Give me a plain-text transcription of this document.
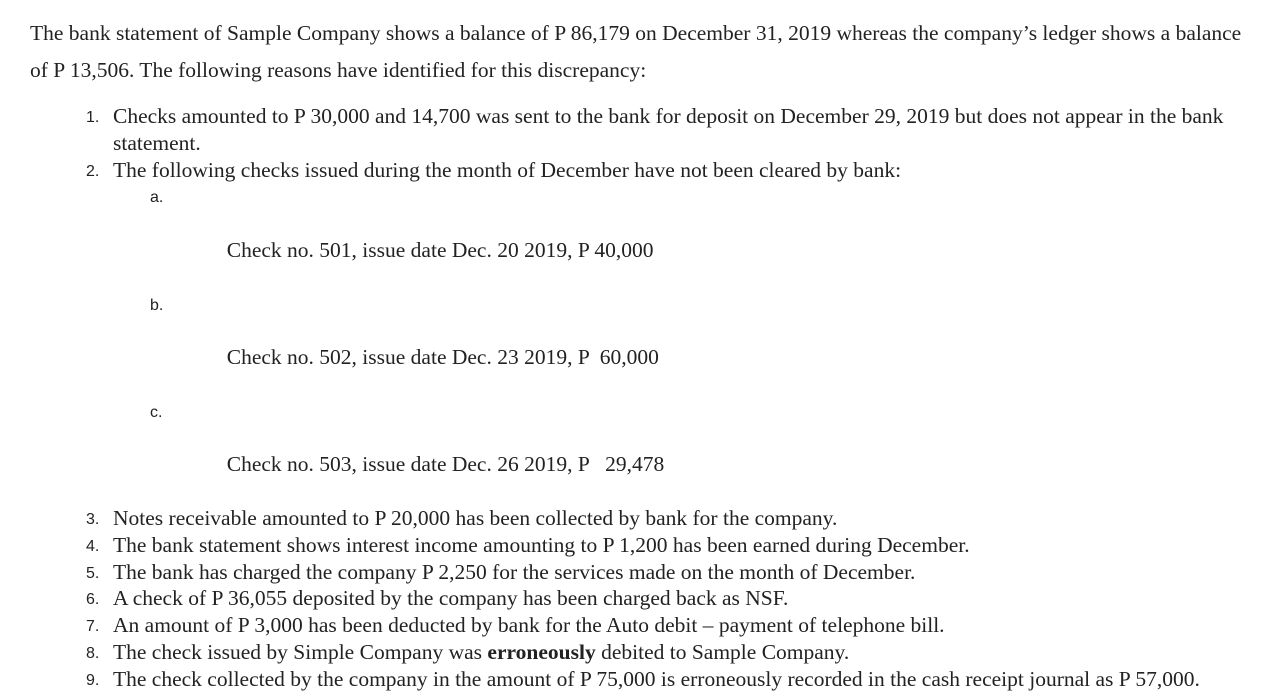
The bank statement of Sample Company shows a balance of P 86,179 on December 31, 2019 whereas the company’s ledger shows a balance of P 13,506. The following reasons have identified for this discrepancy:

1. Checks amounted to P 30,000 and 14,700 was sent to the bank for deposit on December 29, 2019 but does not appear in the bank statement.
2. The following checks issued during the month of December have not been cleared by bank:

a.

Check no. 501, issue date Dec. 20 2019, P 40,000

b.

Check no. 502, issue date Dec. 23 2019, P  60,000

c.

Check no. 503, issue date Dec. 26 2019, P   29,478

3. Notes receivable amounted to P 20,000 has been collected by bank for the company.
4. The bank statement shows interest income amounting to P 1,200 has been earned during December.
5. The bank has charged the company P 2,250 for the services made on the month of December.
6. A check of P 36,055 deposited by the company has been charged back as NSF.
7. An amount of P 3,000 has been deducted by bank for the Auto debit – payment of telephone bill.
8. The check issued by Simple Company was erroneously debited to Sample Company.
9. The check collected by the company in the amount of P 75,000 is erroneously recorded in the cash receipt journal as P 57,000.
